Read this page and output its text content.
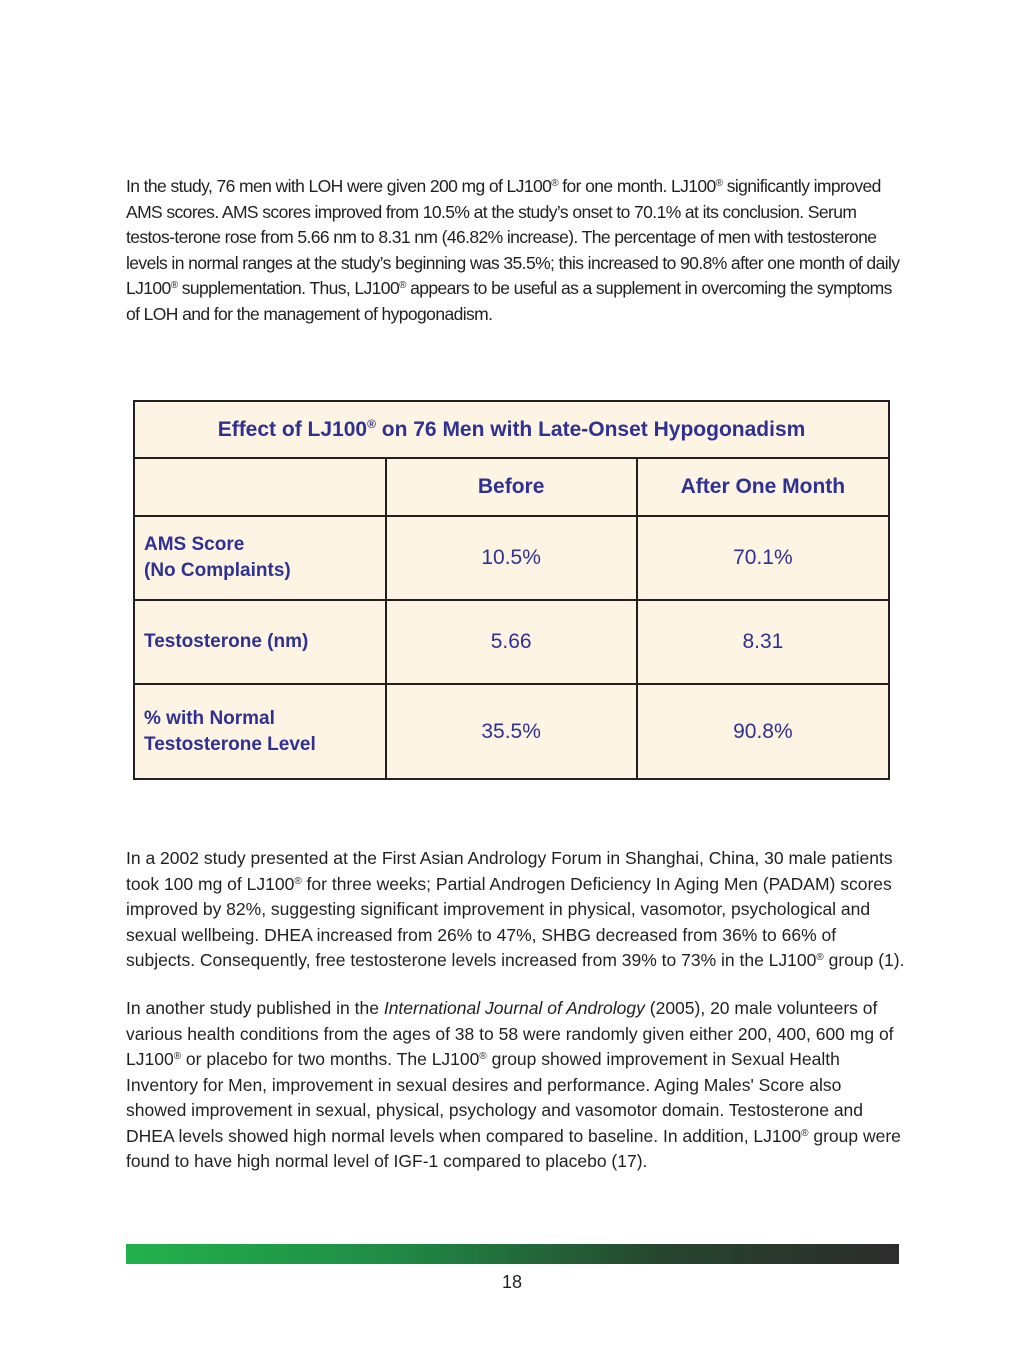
In the study, 76 men with LOH were given 200 mg of LJ100® for one month. LJ100® significantly improved AMS scores. AMS scores improved from 10.5% at the study’s onset to 70.1% at its conclusion. Serum testos-terone rose from 5.66 nm to 8.31 nm (46.82% increase). The percentage of men with testosterone levels in normal ranges at the study’s beginning was 35.5%; this increased to 90.8% after one month of daily LJ100® supplementation. Thus, LJ100® appears to be useful as a supplement in overcoming the symptoms of LOH and for the management of hypogonadism.

Effect of LJ100® on 76 Men with Late-Onset Hypogonadism		
	Before	After One Month
AMS Score
(No Complaints)	10.5%	70.1%
Testosterone (nm)	5.66	8.31
% with Normal
Testosterone Level	35.5%	90.8%

In a 2002 study presented at the First Asian Andrology Forum in Shanghai, China, 30 male patients took 100 mg of LJ100® for three weeks; Partial Androgen Deficiency In Aging Men (PADAM) scores improved by 82%, suggesting significant improvement in physical, vasomotor, psychological and sexual wellbeing. DHEA increased from 26% to 47%, SHBG decreased from 36% to 66% of subjects. Consequently, free testosterone levels increased from 39% to 73% in the LJ100® group (1).

In another study published in the International Journal of Andrology (2005), 20 male volunteers of various health conditions from the ages of 38 to 58 were randomly given either 200, 400, 600 mg of LJ100® or placebo for two months. The LJ100® group showed improvement in Sexual Health Inventory for Men, improvement in sexual desires and performance. Aging Males' Score also showed improvement in sexual, physical, psychology and vasomotor domain. Testosterone and DHEA levels showed high normal levels when compared to baseline. In addition, LJ100® group were found to have high normal level of IGF-1 compared to placebo (17).

18
